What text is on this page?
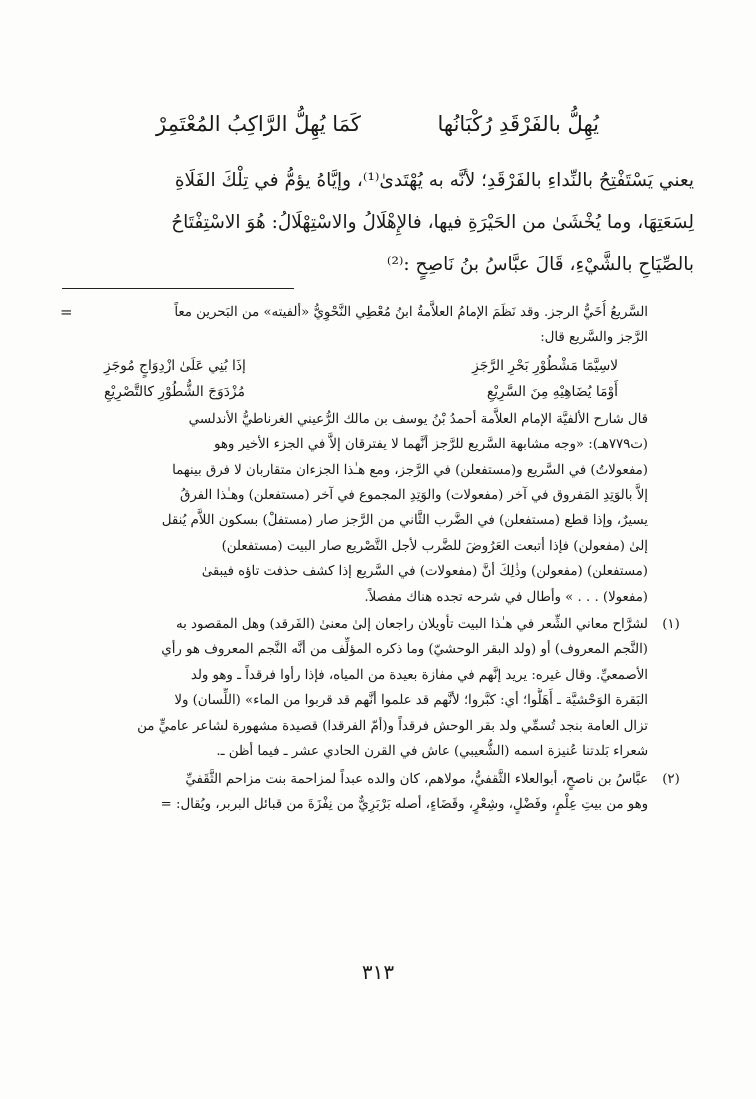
يُهِلُّ بالفَرْقَدِ رُكْبَانُها
كَمَا يُهِلُّ الرَّاكِبُ المُعْتَمِرْ
يعني يَسْتَفْتِحُ بالنِّداءِ بالفَرْقَدِ؛ لأنَّه به يُهْتَدىٰ⁽¹⁾، وإيَّاهُ يؤمُّ في تِلْكَ الفَلَاةِ
لِسَعَتِهَا، وما يُخْشَىٰ من الحَيْرَةِ فيها، فالإِهْلَالُ والاسْتِهْلَالُ: هُوَ الاسْتِفْتَاحُ
بالصِّيَاحِ بالشَّيْءِ، قَالَ عبَّاسُ بنُ نَاصِحٍ :⁽²⁾
السَّريعُ أُخَيُّ الرجز. وقد نَظَمَ الإمامُ العلاَّمةُ ابنُ مُعْطِي النَّحْوِيُّ «ألفيته» من البَحرين معاً
الرَّجز والسَّريع قال:
لاسِيَّمَا مَشْطُوْرِ بَحْرِ الرَّجَزِ
إذَا بُنِي عَلَىٰ ازْدِوَاجٍ مُوجَزِ
أَوْمَا يُضَاهِيْهِ مِنَ السَّرِيْعِ
مُزْدَوَجَ الشُّطُوْرِ كالتَّصْرِيْعِ
=
قال شارح الألفيَّة الإمام العلاَّمة أحمدُ بْنُ يوسف بن مالك الرُّعيني الغرناطيُّ الأندلسي
(ت٧٧٩هـ): «وجه مشابهة السَّريع للرَّجز أنَّهما لا يفترقان إلاَّ في الجزء الأخير وهو
(مفعولاتُ) في السَّريع و(مستفعلن) في الرَّجز، ومع هـٰذا الجزءان متقاربان لا فرق بينهما
إلاَّ بالوَتِدِ المَفروق في آخر (مفعولات) والوَتِدِ المجموع في آخر (مستفعلن) وهـٰذا الفرقُ
يسيرٌ، وإذا قطع (مستفعلن) في الضَّرب الثَّاني من الرَّجز صار (مستفلْ) بسكون اللاَّم يُنقل
إلىٰ (مفعولن) فإذا أتبعت العَرُوضَ للضَّرب لأجل التَّصْريع صار البيت (مستفعلن)
(مستفعلن) (مفعولن) وذٰلِكَ أنَّ (مفعولات) في السَّريع إذا كشف حذفت تاؤه فيبقىٰ
(مفعولا) . . . » وأطال في شرحه تجده هناك مفصلاً.
(١)
لشرَّاح معاني الشِّعر في هـٰذا البيت تأويلان راجعان إلىٰ معنىٰ (الفَرقد) وهل المقصود به
(النَّجم المعروف) أو (ولد البقر الوحشيّ) وما ذكره المؤلِّف من أنَّه النَّجم المعروف هو رأي
الأصمعيِّ. وقال غيره: يريد إنَّهم في مفازة بعيدة من المياه، فإذا رأوا فرقداً ـ وهو ولد
البَقرة الوَحْشيَّة ـ أَهَلُّوا؛ أي: كبَّروا؛ لأنَّهم قد علموا أنَّهم قد قربوا من الماء» (اللِّسان) ولا
تزال العامة بنجد تُسمِّي ولد بقر الوحش فرقداً و(أمّ الفرقدا) قصيدة مشهورة لشاعر عاميٍّ من
شعراء بَلدتنا عُنيزة اسمه (الشُّعيبي) عاش في القرن الحادي عشر ـ فيما أظن ـ.
(٢)
عبَّاسُ بن ناصحٍ، أبوالعلاء الثَّقفيُّ، مولاهم، كان والده عبداً لمزاحمة بنت مزاحم الثَّقَفيِّ
وهو من بيتِ عِلْمٍ، وفَضْلٍ، وشِعْرٍ، وقَضَاءٍ، أصله بَرْبَرِيٌّ من نِفْزَةَ من قبائل البربر، ويُقال: =
٣١٣
